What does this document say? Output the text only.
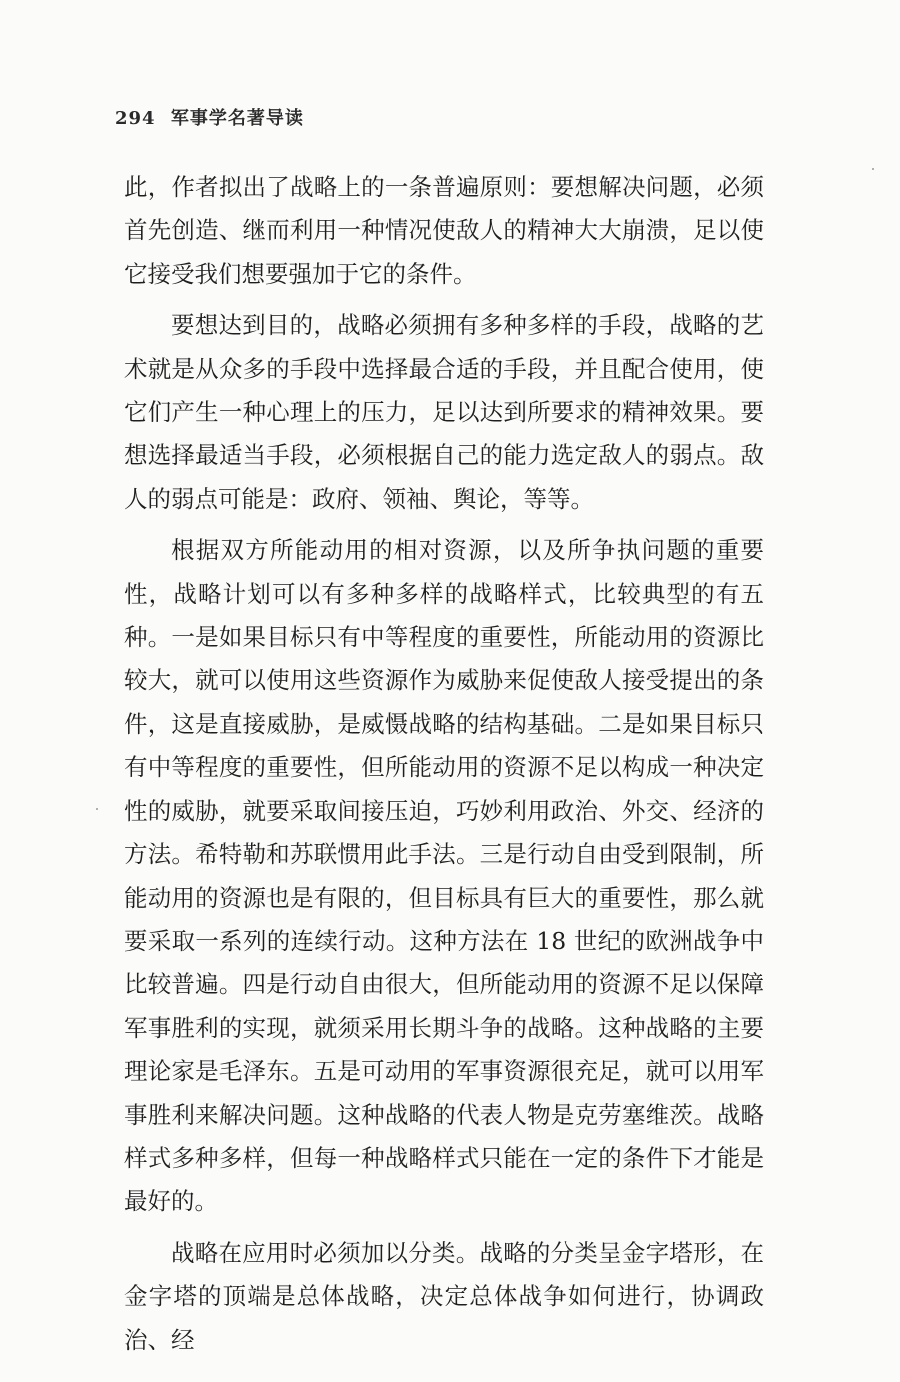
294 军事学名著导读

此，作者拟出了战略上的一条普遍原则：要想解决问题，必须首先创造、继而利用一种情况使敌人的精神大大崩溃，足以使它接受我们想要强加于它的条件。

要想达到目的，战略必须拥有多种多样的手段，战略的艺术就是从众多的手段中选择最合适的手段，并且配合使用，使它们产生一种心理上的压力，足以达到所要求的精神效果。要想选择最适当手段，必须根据自己的能力选定敌人的弱点。敌人的弱点可能是：政府、领袖、舆论，等等。

根据双方所能动用的相对资源，以及所争执问题的重要性，战略计划可以有多种多样的战略样式，比较典型的有五种。一是如果目标只有中等程度的重要性，所能动用的资源比较大，就可以使用这些资源作为威胁来促使敌人接受提出的条件，这是直接威胁，是威慑战略的结构基础。二是如果目标只有中等程度的重要性，但所能动用的资源不足以构成一种决定性的威胁，就要采取间接压迫，巧妙利用政治、外交、经济的方法。希特勒和苏联惯用此手法。三是行动自由受到限制，所能动用的资源也是有限的，但目标具有巨大的重要性，那么就要采取一系列的连续行动。这种方法在 18 世纪的欧洲战争中比较普遍。四是行动自由很大，但所能动用的资源不足以保障军事胜利的实现，就须采用长期斗争的战略。这种战略的主要理论家是毛泽东。五是可动用的军事资源很充足，就可以用军事胜利来解决问题。这种战略的代表人物是克劳塞维茨。战略样式多种多样，但每一种战略样式只能在一定的条件下才能是最好的。

战略在应用时必须加以分类。战略的分类呈金字塔形，在金字塔的顶端是总体战略，决定总体战争如何进行，协调政治、经
